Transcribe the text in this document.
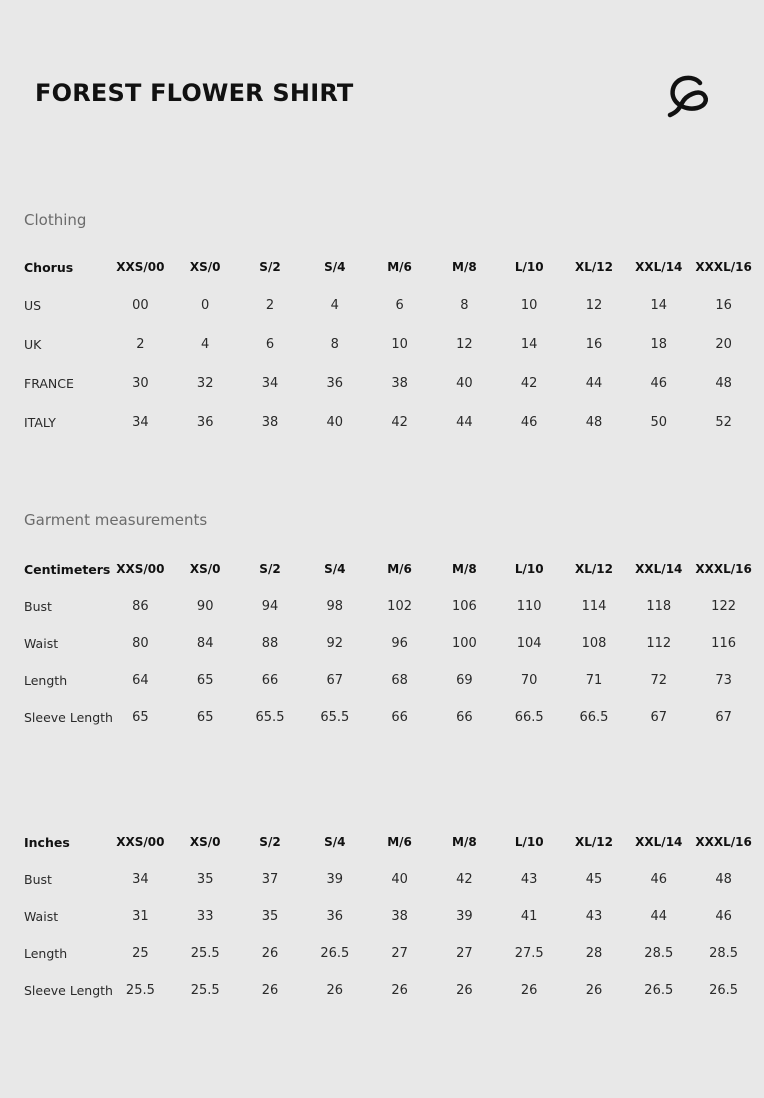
FOREST FLOWER SHIRT
Clothing
Chorus	XXS/00	XS/0	S/2	S/4	M/6	M/8	L/10	XL/12	XXL/14	XXXL/16
US	00	0	2	4	6	8	10	12	14	16
UK	2	4	6	8	10	12	14	16	18	20
FRANCE	30	32	34	36	38	40	42	44	46	48
ITALY	34	36	38	40	42	44	46	48	50	52
Garment measurements
Centimeters	XXS/00	XS/0	S/2	S/4	M/6	M/8	L/10	XL/12	XXL/14	XXXL/16
Bust	86	90	94	98	102	106	110	114	118	122
Waist	80	84	88	92	96	100	104	108	112	116
Length	64	65	66	67	68	69	70	71	72	73
Sleeve Length	65	65	65.5	65.5	66	66	66.5	66.5	67	67
Inches	XXS/00	XS/0	S/2	S/4	M/6	M/8	L/10	XL/12	XXL/14	XXXL/16
Bust	34	35	37	39	40	42	43	45	46	48
Waist	31	33	35	36	38	39	41	43	44	46
Length	25	25.5	26	26.5	27	27	27.5	28	28.5	28.5
Sleeve Length	25.5	25.5	26	26	26	26	26	26	26.5	26.5
